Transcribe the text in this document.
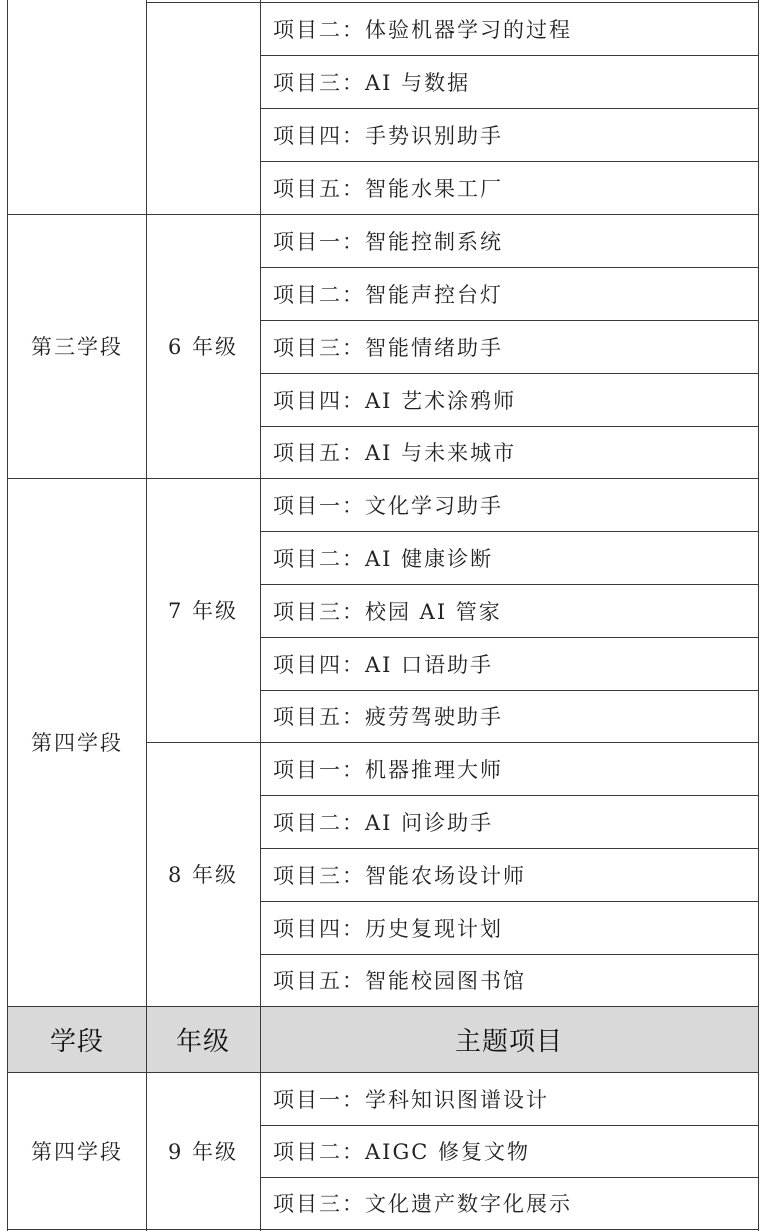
项目二：体验机器学习的过程
项目三：AI 与数据
项目四：手势识别助手
项目五：智能水果工厂
第三学段 6 年级
项目一：智能控制系统
项目二：智能声控台灯
项目三：智能情绪助手
项目四：AI 艺术涂鸦师
项目五：AI 与未来城市
第四学段
7 年级
项目一：文化学习助手
项目二：AI 健康诊断
项目三：校园 AI 管家
项目四：AI 口语助手
项目五：疲劳驾驶助手
8 年级
项目一：机器推理大师
项目二：AI 问诊助手
项目三：智能农场设计师
项目四：历史复现计划
项目五：智能校园图书馆
学段	年级	主题项目
第四学段 9 年级
项目一：学科知识图谱设计
项目二：AIGC 修复文物
项目三：文化遗产数字化展示
